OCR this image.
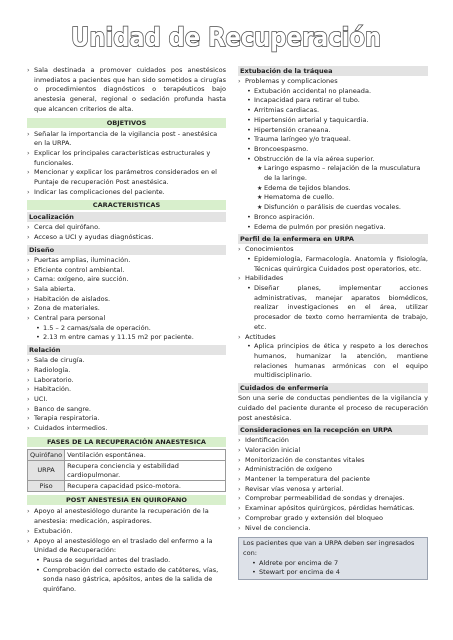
Unidad de Recuperación
› Sala destinada a promover cuidados pos anestésicos inmediatos a pacientes que han sido sometidos a cirugías o procedimientos diagnósticos o terapéuticos bajo anestesia general, regional o sedación profunda hasta que alcancen criterios de alta.
OBJETIVOS
› Señalar la importancia de la vigilancia post - anestésica en la URPA.
› Explicar los principales características estructurales y funcionales.
› Mencionar y explicar los parámetros considerados en el Puntaje de recuperación Post anestésica.
› Indicar las complicaciones del paciente.
CARACTERISTICAS
Localización
› Cerca del quirófano.
› Acceso a UCI y ayudas diagnósticas.
Diseño
› Puertas amplias, iluminación.
› Eficiente control ambiental.
› Cama: oxígeno, aire succión.
› Sala abierta.
› Habitación de aislados.
› Zona de materiales.
› Central para personal
• 1.5 – 2 camas/sala de operación.
• 2.13 m entre camas y 11.15 m2 por paciente.
Relación
› Sala de cirugía.
› Radiología.
› Laboratorio.
› Habitación.
› UCI.
› Banco de sangre.
› Terapia respiratoria.
› Cuidados intermedios.
FASES DE LA RECUPERACIÓN ANAESTESICA
Quirófano	Ventilación espontánea.
URPA	Recupera conciencia y estabilidad cardiopulmonar.
Piso	Recupera capacidad psico-motora.
POST ANESTESIA EN QUIROFANO
› Apoyo al anestesiólogo durante la recuperación de la anestesia: medicación, aspiradores.
› Extubación.
› Apoyo al anestesiólogo en el traslado del enfermo a la Unidad de Recuperación:
• Pausa de seguridad antes del traslado.
• Comprobación del correcto estado de catéteres, vías, sonda naso gástrica, apósitos, antes de la salida de quirófano.
Extubación de la tráquea
› Problemas y complicaciones
• Extubación accidental no planeada.
• Incapacidad para retirar el tubo.
• Arritmias cardiacas.
• Hipertensión arterial y taquicardia.
• Hipertensión craneana.
• Trauma laríngeo y/o traqueal.
• Broncoespasmo.
• Obstrucción de la vía aérea superior.
★ Laringo espasmo – relajación de la musculatura de la laringe.
★ Edema de tejidos blandos.
★ Hematoma de cuello.
★ Disfunción o parálisis de cuerdas vocales.
• Bronco aspiración.
• Edema de pulmón por presión negativa.
Perfil de la enfermera en URPA
› Conocimientos
• Epidemiología, Farmacología. Anatomía y fisiología, Técnicas quirúrgica Cuidados post operatorios, etc.
› Habilidades
• Diseñar planes, implementar acciones administrativas, manejar aparatos biomédicos, realizar investigaciones en el área, utilizar procesador de texto como herramienta de trabajo, etc.
› Actitudes
• Aplica principios de ética y respeto a los derechos humanos, humanizar la atención, mantiene relaciones humanas armónicas con el equipo multidisciplinario.
Cuidados de enfermería
Son una serie de conductas pendientes de la vigilancia y cuidado del paciente durante el proceso de recuperación post anestésica.
Consideraciones en la recepción en URPA
› Identificación
› Valoración inicial
› Monitorización de constantes vitales
› Administración de oxígeno
› Mantener la temperatura del paciente
› Revisar vías venosa y arterial.
› Comprobar permeabilidad de sondas y drenajes.
› Examinar apósitos quirúrgicos, pérdidas hemáticas.
› Comprobar grado y extensión del bloqueo
› Nivel de conciencia.
Los pacientes que van a URPA deben ser ingresados con:
• Aldrete por encima de 7
• Stewart por encima de 4
